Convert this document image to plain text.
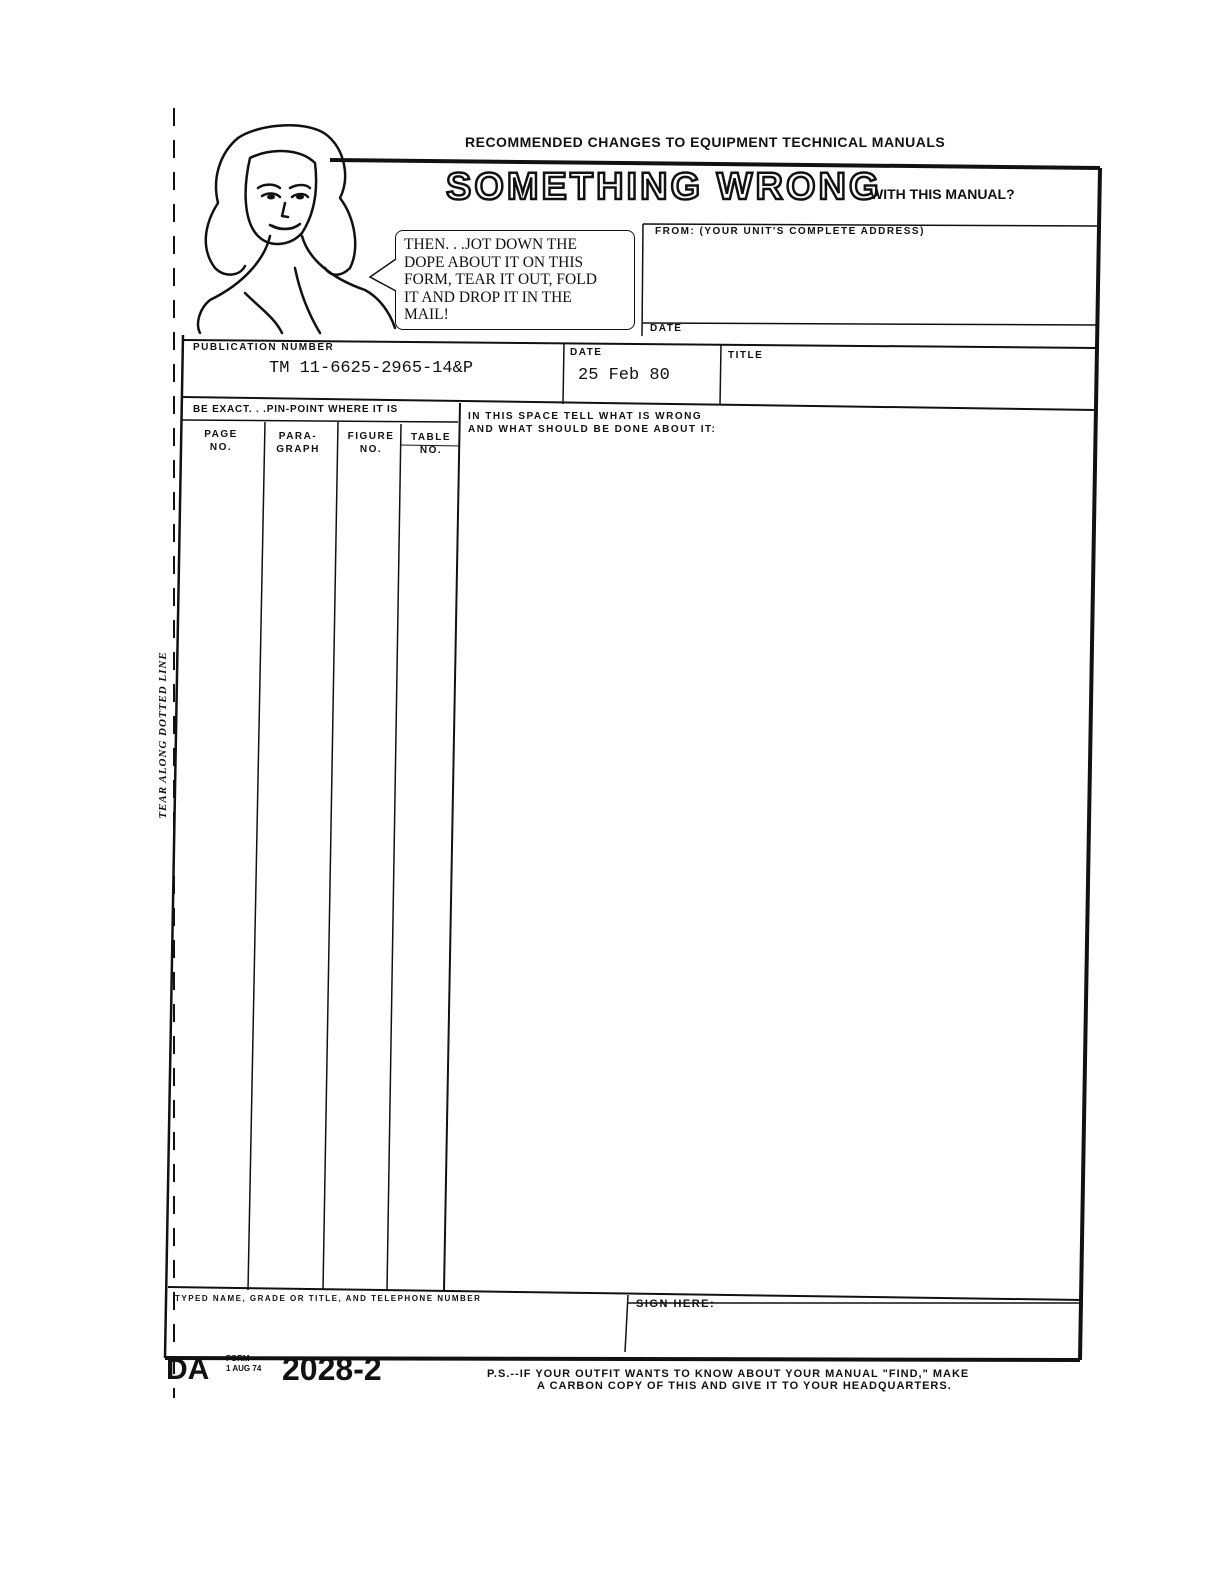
TEAR ALONG DOTTED LINE
RECOMMENDED CHANGES TO EQUIPMENT TECHNICAL MANUALS
SOMETHING WRONG
WITH THIS MANUAL?
THEN. . .JOT DOWN THE
DOPE ABOUT IT ON THIS
FORM, TEAR IT OUT, FOLD
IT AND DROP IT IN THE
MAIL!
FROM: (YOUR UNIT'S COMPLETE ADDRESS)
DATE
PUBLICATION NUMBER
TM 11-6625-2965-14&P
DATE
25 Feb 80
TITLE
BE EXACT. . .PIN-POINT WHERE IT IS
PAGE
NO.
PARA-
GRAPH
FIGURE
NO.
TABLE
NO.
IN THIS SPACE TELL WHAT IS WRONG
AND WHAT SHOULD BE DONE ABOUT IT:
TYPED NAME, GRADE OR TITLE, AND TELEPHONE NUMBER	SIGN HERE:
DA FORM
1 AUG 74 2028-2	P.S.--IF YOUR OUTFIT WANTS TO KNOW ABOUT YOUR MANUAL "FIND," MAKE
A CARBON COPY OF THIS AND GIVE IT TO YOUR HEADQUARTERS.
